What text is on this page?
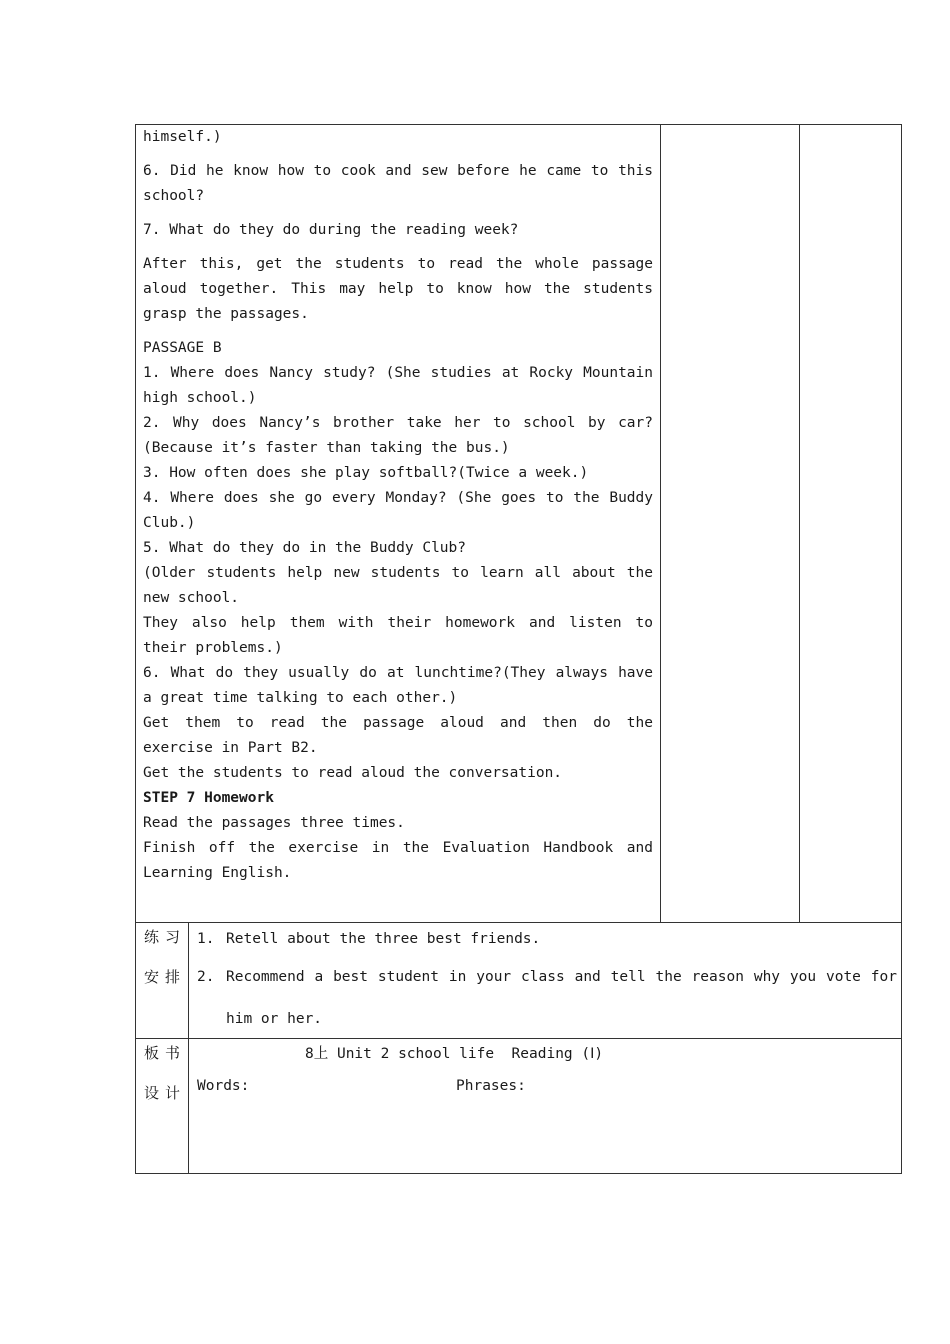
himself.)

6. Did he know how to cook and sew before he came to this school?

7. What do they do during the reading week?

After this, get the students to read the whole passage aloud together. This may help to know how the students grasp the passages.

PASSAGE B

1. Where does Nancy study? (She studies at Rocky Mountain high school.)

2. Why does Nancy’s brother take her to school by car? (Because it’s faster than taking the bus.)

3. How often does she play softball?(Twice a week.)

4. Where does she go every Monday? (She goes to the Buddy Club.)

5. What do they do in the Buddy Club?

(Older students help new students to learn all about the new school.

They also help them with their homework and listen to their problems.)

6. What do they usually do at lunchtime?(They always have a great time talking to each other.)

Get them to read the passage aloud and then do the exercise in Part B2.

Get the students to read aloud the conversation.

STEP 7 Homework

Read the passages three times.

Finish off the exercise in the Evaluation Handbook and Learning English.

练习
安排
1. Retell about the three best friends.
2. Recommend a best student in your class and tell the reason why you vote for him or her.
板书
设计
8上 Unit 2 school life  Reading (Ⅰ)
Words:	Phrases:
